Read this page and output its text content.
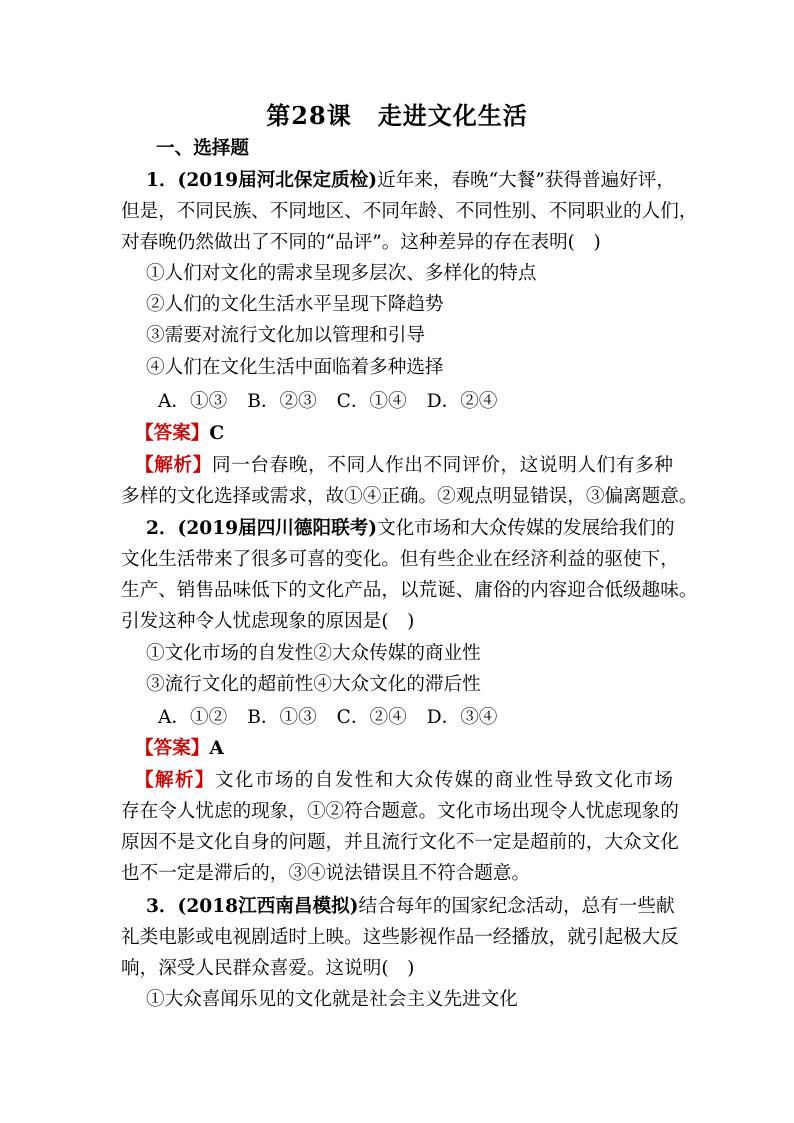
第28课 走进文化生活
一、选择题
1．(2019届河北保定质检)近年来，春晚“大餐”获得普遍好评，
但是，不同民族、不同地区、不同年龄、不同性别、不同职业的人们，
对春晚仍然做出了不同的“品评”。这种差异的存在表明(　)
①人们对文化的需求呈现多层次、多样化的特点
②人们的文化生活水平呈现下降趋势
③需要对流行文化加以管理和引导
④人们在文化生活中面临着多种选择
A．①③ B．②③ C．①④ D．②④
【答案】C
【解析】同一台春晚，不同人作出不同评价，这说明人们有多种
多样的文化选择或需求，故①④正确。②观点明显错误，③偏离题意。
2．(2019届四川德阳联考)文化市场和大众传媒的发展给我们的
文化生活带来了很多可喜的变化。但有些企业在经济利益的驱使下，
生产、销售品味低下的文化产品，以荒诞、庸俗的内容迎合低级趣味。
引发这种令人忧虑现象的原因是(　)
①文化市场的自发性②大众传媒的商业性
③流行文化的超前性④大众文化的滞后性
A．①② B．①③ C．②④ D．③④
【答案】A
【解析】文化市场的自发性和大众传媒的商业性导致文化市场
存在令人忧虑的现象，①②符合题意。文化市场出现令人忧虑现象的
原因不是文化自身的问题，并且流行文化不一定是超前的，大众文化
也不一定是滞后的，③④说法错误且不符合题意。
3．(2018江西南昌模拟)结合每年的国家纪念活动，总有一些献
礼类电影或电视剧适时上映。这些影视作品一经播放，就引起极大反
响，深受人民群众喜爱。这说明(　)
①大众喜闻乐见的文化就是社会主义先进文化
